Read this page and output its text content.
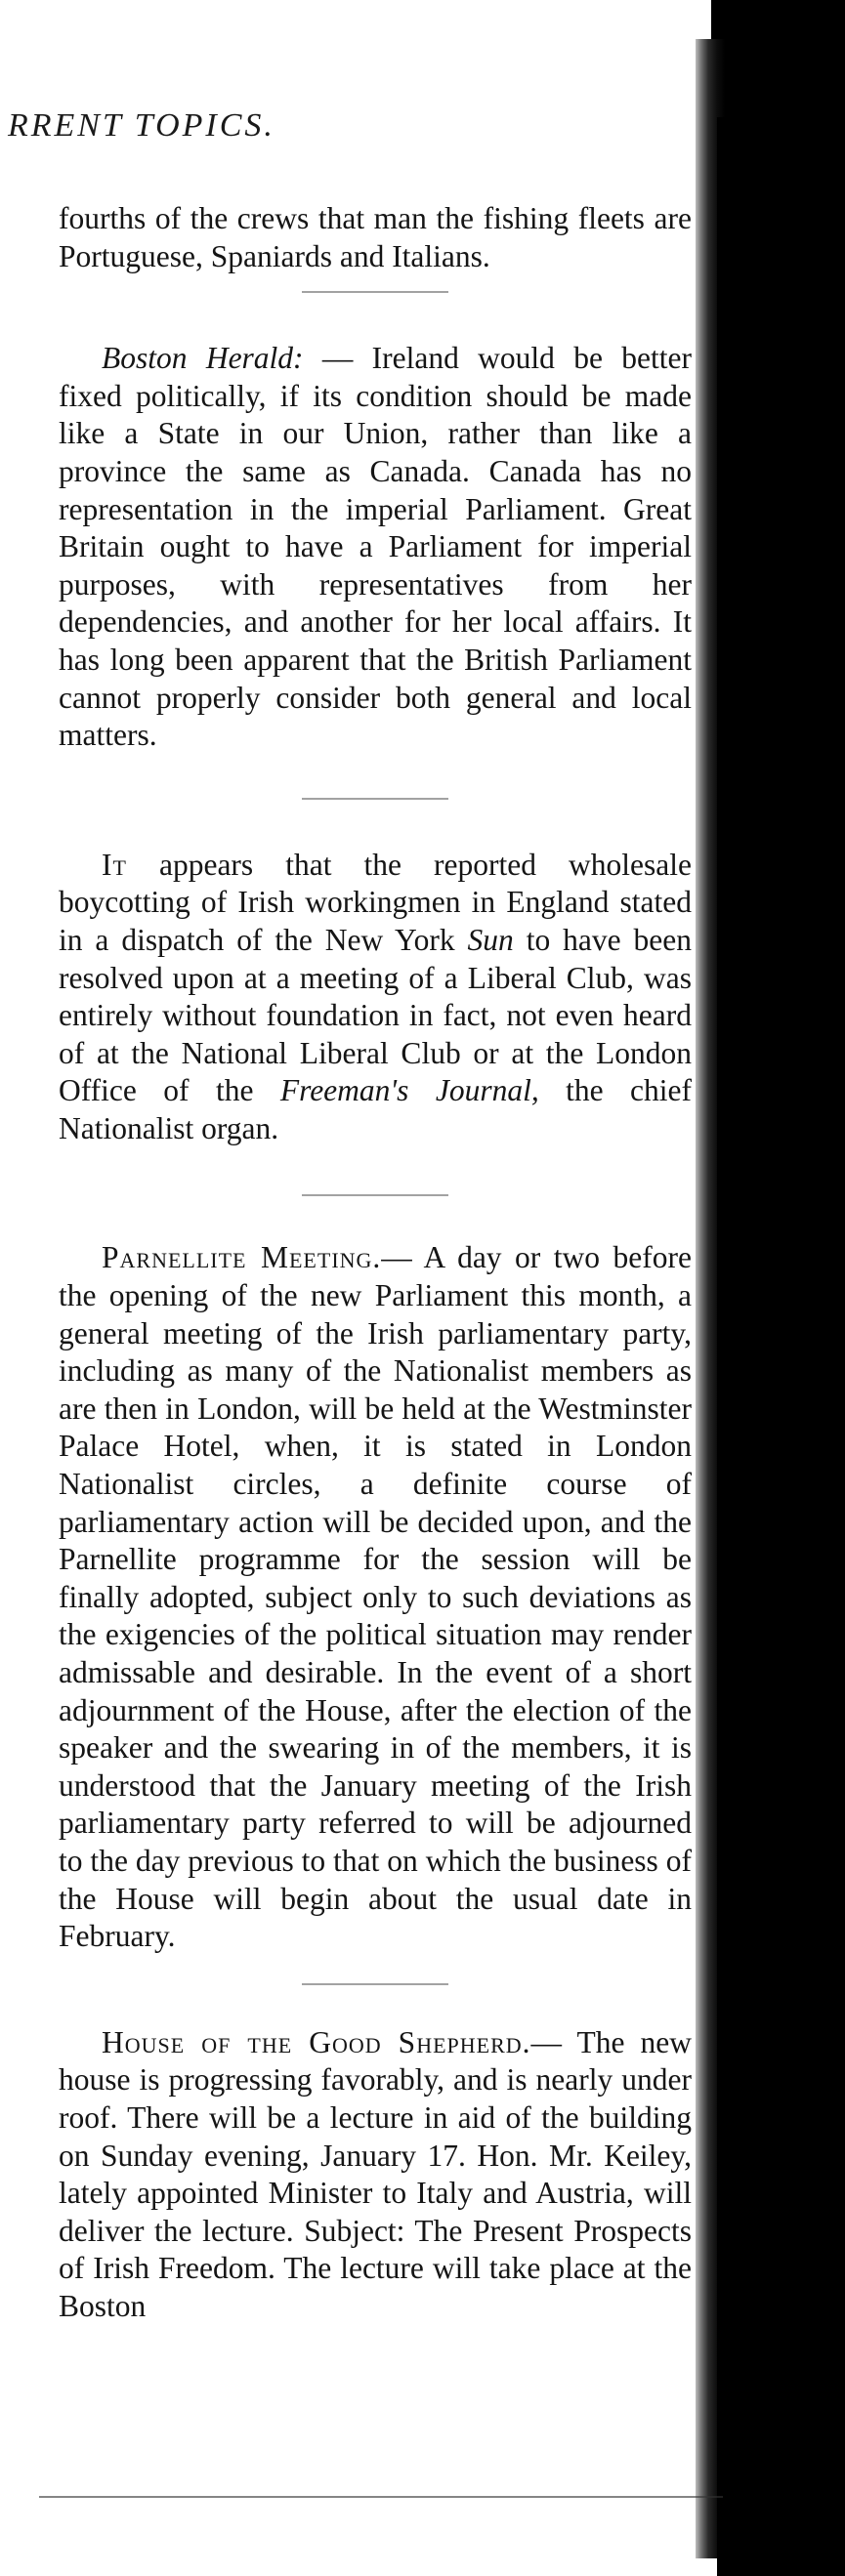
RRENT TOPICS.

fourths of the crews that man the fishing fleets are Portuguese, Spaniards and Italians.

Boston Herald: — Ireland would be better fixed politically, if its condition should be made like a State in our Union, rather than like a province the same as Canada. Canada has no representation in the imperial Parliament. Great Britain ought to have a Parliament for imperial purposes, with representatives from her dependencies, and another for her local affairs. It has long been apparent that the British Parliament cannot properly consider both general and local matters.

It appears that the reported wholesale boycotting of Irish workingmen in England stated in a dispatch of the New York Sun to have been resolved upon at a meeting of a Liberal Club, was entirely without foundation in fact, not even heard of at the National Liberal Club or at the London Office of the Freeman's Journal, the chief Nationalist organ.

Parnellite Meeting.— A day or two before the opening of the new Parliament this month, a general meeting of the Irish parliamentary party, including as many of the Nationalist members as are then in London, will be held at the Westminster Palace Hotel, when, it is stated in London Nationalist circles, a definite course of parliamentary action will be decided upon, and the Parnellite programme for the session will be finally adopted, subject only to such deviations as the exigencies of the political situation may render admissable and desirable. In the event of a short adjournment of the House, after the election of the speaker and the swearing in of the members, it is understood that the January meeting of the Irish parliamentary party referred to will be adjourned to the day previous to that on which the business of the House will begin about the usual date in February.

House of the Good Shepherd.— The new house is progressing favorably, and is nearly under roof. There will be a lecture in aid of the building on Sunday evening, January 17. Hon. Mr. Keiley, lately appointed Minister to Italy and Austria, will deliver the lecture. Subject: The Present Prospects of Irish Freedom. The lecture will take place at the Boston
